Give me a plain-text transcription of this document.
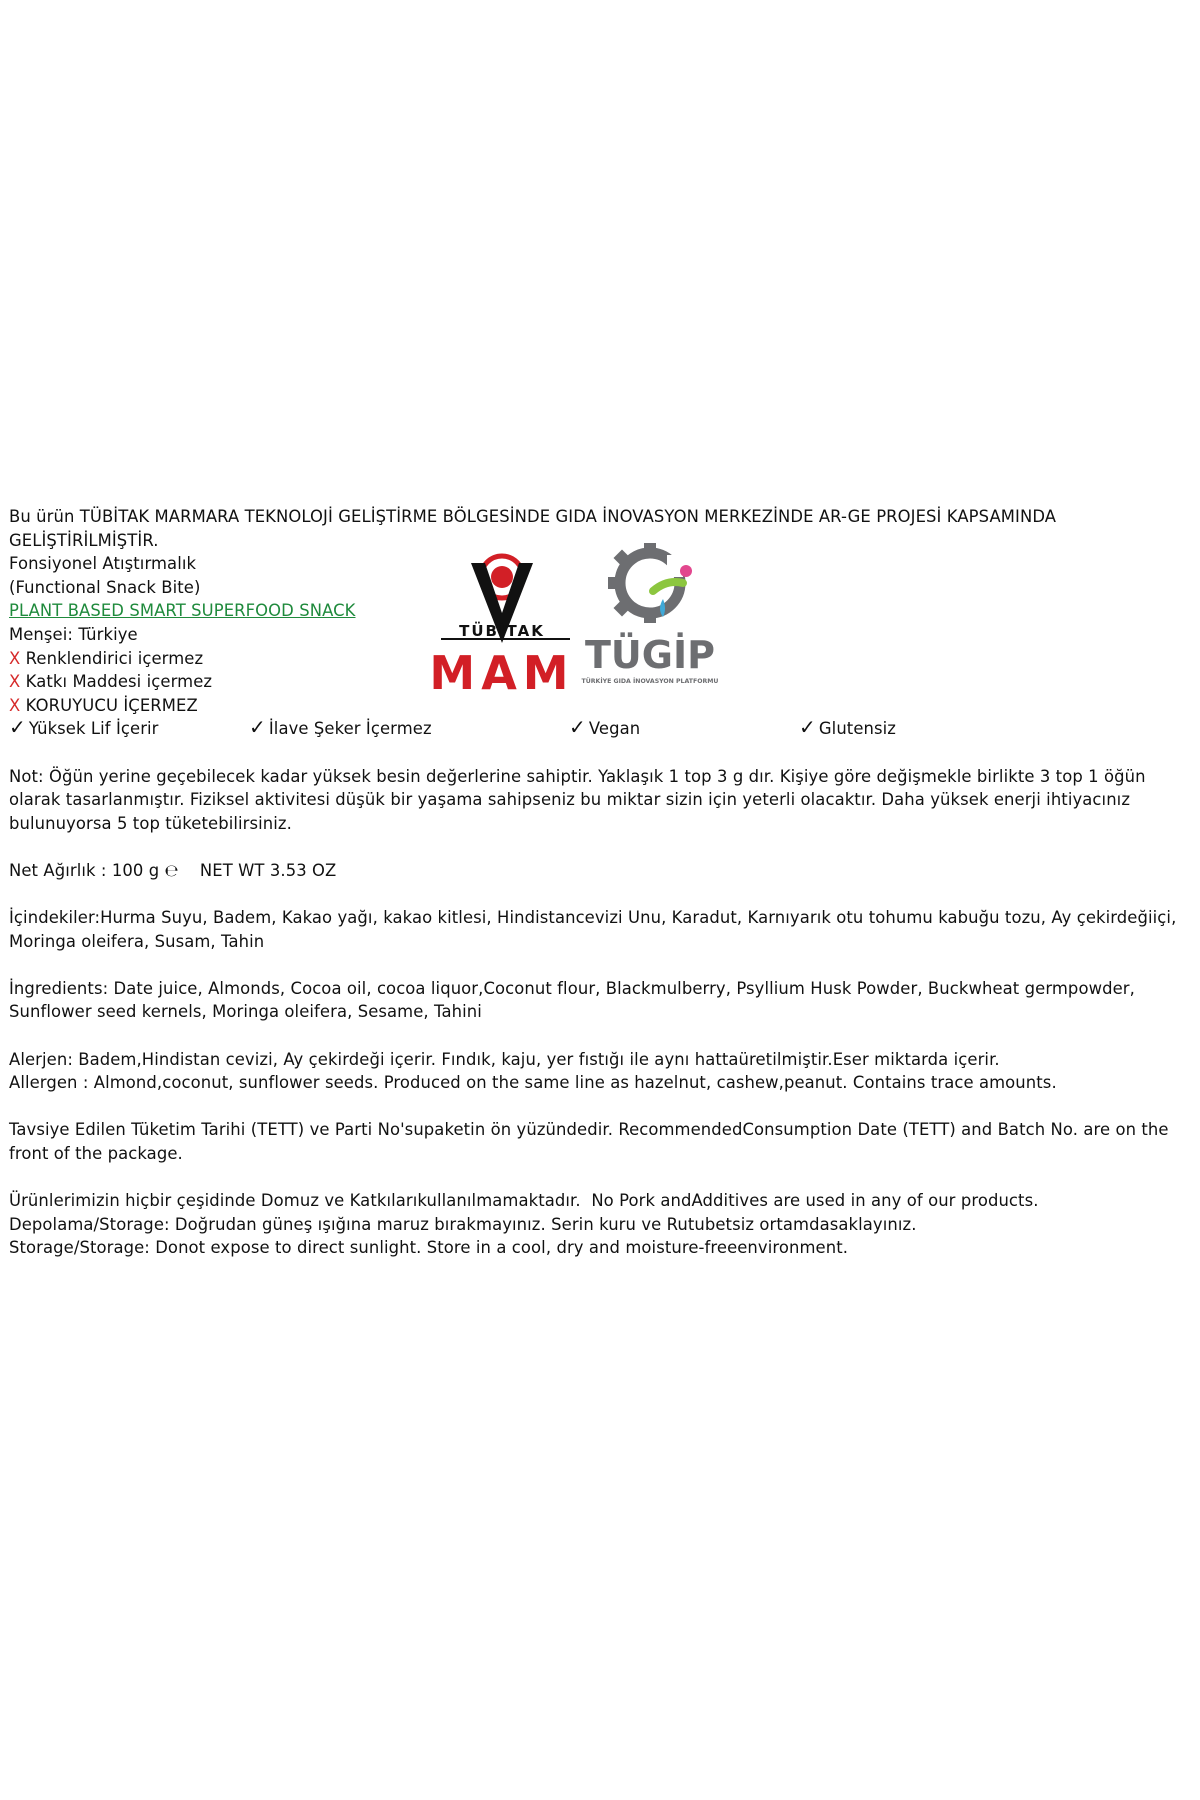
Bu ürün TÜBİTAK MARMARA TEKNOLOJİ GELİŞTİRME BÖLGESİNDE GIDA İNOVASYON MERKEZİNDE AR-GE PROJESİ KAPSAMINDA

GELİŞTİRİLMİŞTİR.

Fonsiyonel Atıştırmalık

(Functional Snack Bite)

PLANT BASED SMART SUPERFOOD SNACK

Menşei: Türkiye

X Renklendirici içermez

X Katkı Maddesi içermez

X KORUYUCU İÇERMEZ

✓ Yüksek Lif İçerir	✓ İlave Şeker İçermez	✓ Vegan	✓ Glutensiz

Not: Öğün yerine geçebilecek kadar yüksek besin değerlerine sahiptir. Yaklaşık 1 top 3 g dır. Kişiye göre değişmekle birlikte 3 top 1 öğün olarak tasarlanmıştır. Fiziksel aktivitesi düşük bir yaşama sahipseniz bu miktar sizin için yeterli olacaktır. Daha yüksek enerji ihtiyacınız bulunuyorsa 5 top tüketebilirsiniz.

Net Ağırlık : 100 g ℮    NET WT 3.53 OZ

İçindekiler:Hurma Suyu, Badem, Kakao yağı, kakao kitlesi, Hindistancevizi Unu, Karadut, Karnıyarık otu tohumu kabuğu tozu, Ay çekirdeğiiçi, Moringa oleifera, Susam, Tahin

İngredients: Date juice, Almonds, Cocoa oil, cocoa liquor,Coconut flour, Blackmulberry, Psyllium Husk Powder, Buckwheat germpowder, Sunflower seed kernels, Moringa oleifera, Sesame, Tahini

Alerjen: Badem,Hindistan cevizi, Ay çekirdeği içerir. Fındık, kaju, yer fıstığı ile aynı hattaüretilmiştir.Eser miktarda içerir.

Allergen : Almond,coconut, sunflower seeds. Produced on the same line as hazelnut, cashew,peanut. Contains trace amounts.

Tavsiye Edilen Tüketim Tarihi (TETT) ve Parti No'supaketin ön yüzündedir. RecommendedConsumption Date (TETT) and Batch No. are on the front of the package.

Ürünlerimizin hiçbir çeşidinde Domuz ve Katkılarıkullanılmamaktadır.  No Pork andAdditives are used in any of our products.

Depolama/Storage: Doğrudan güneş ışığına maruz bırakmayınız. Serin kuru ve Rutubetsiz ortamdasaklayınız.

Storage/Storage: Donot expose to direct sunlight. Store in a cool, dry and moisture-freeenvironment.

TÜBİTAK
MAM TÜGİP
TÜRKİYE GIDA İNOVASYON PLATFORMU
